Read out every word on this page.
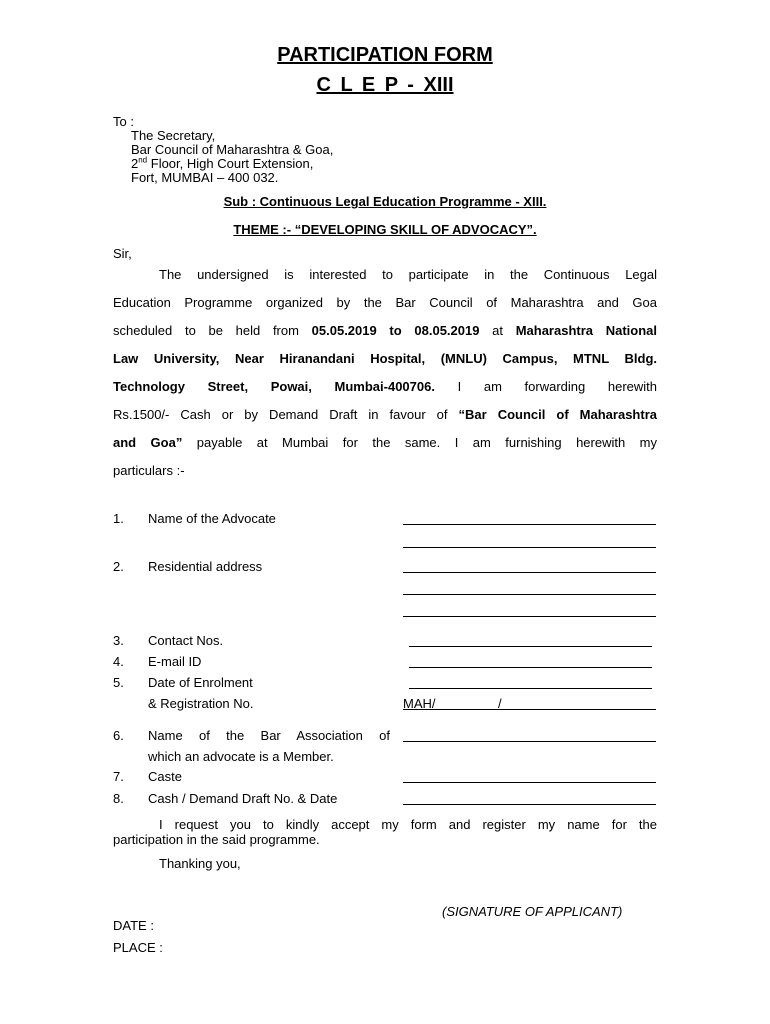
PARTICIPATION FORM
C L E P - XIII
To :
The Secretary,
Bar Council of Maharashtra & Goa,
2nd Floor, High Court Extension,
Fort, MUMBAI – 400 032.
Sub : Continuous Legal Education Programme - XIII.
THEME :- “DEVELOPING SKILL OF ADVOCACY”.
Sir,
The undersigned is interested to participate in the Continuous Legal
Education Programme organized by the Bar Council of Maharashtra and Goa
scheduled to be held from 05.05.2019 to 08.05.2019 at Maharashtra National
Law University, Near Hiranandani Hospital, (MNLU) Campus, MTNL Bldg.
Technology Street, Powai, Mumbai-400706. I am forwarding herewith
Rs.1500/- Cash or by Demand Draft in favour of “Bar Council of Maharashtra
and Goa” payable at Mumbai for the same. I am furnishing herewith my
particulars :-
1. Name of the Advocate
2. Residential address
3. Contact Nos.
4. E-mail ID
5. Date of Enrolment
& Registration No.	MAH/	/
6. Name of the Bar Association of
which an advocate is a Member.
7. Caste
8. Cash / Demand Draft No. & Date
I request you to kindly accept my form and register my name for the
participation in the said programme.
Thanking you,
(SIGNATURE OF APPLICANT)
DATE :
PLACE :
